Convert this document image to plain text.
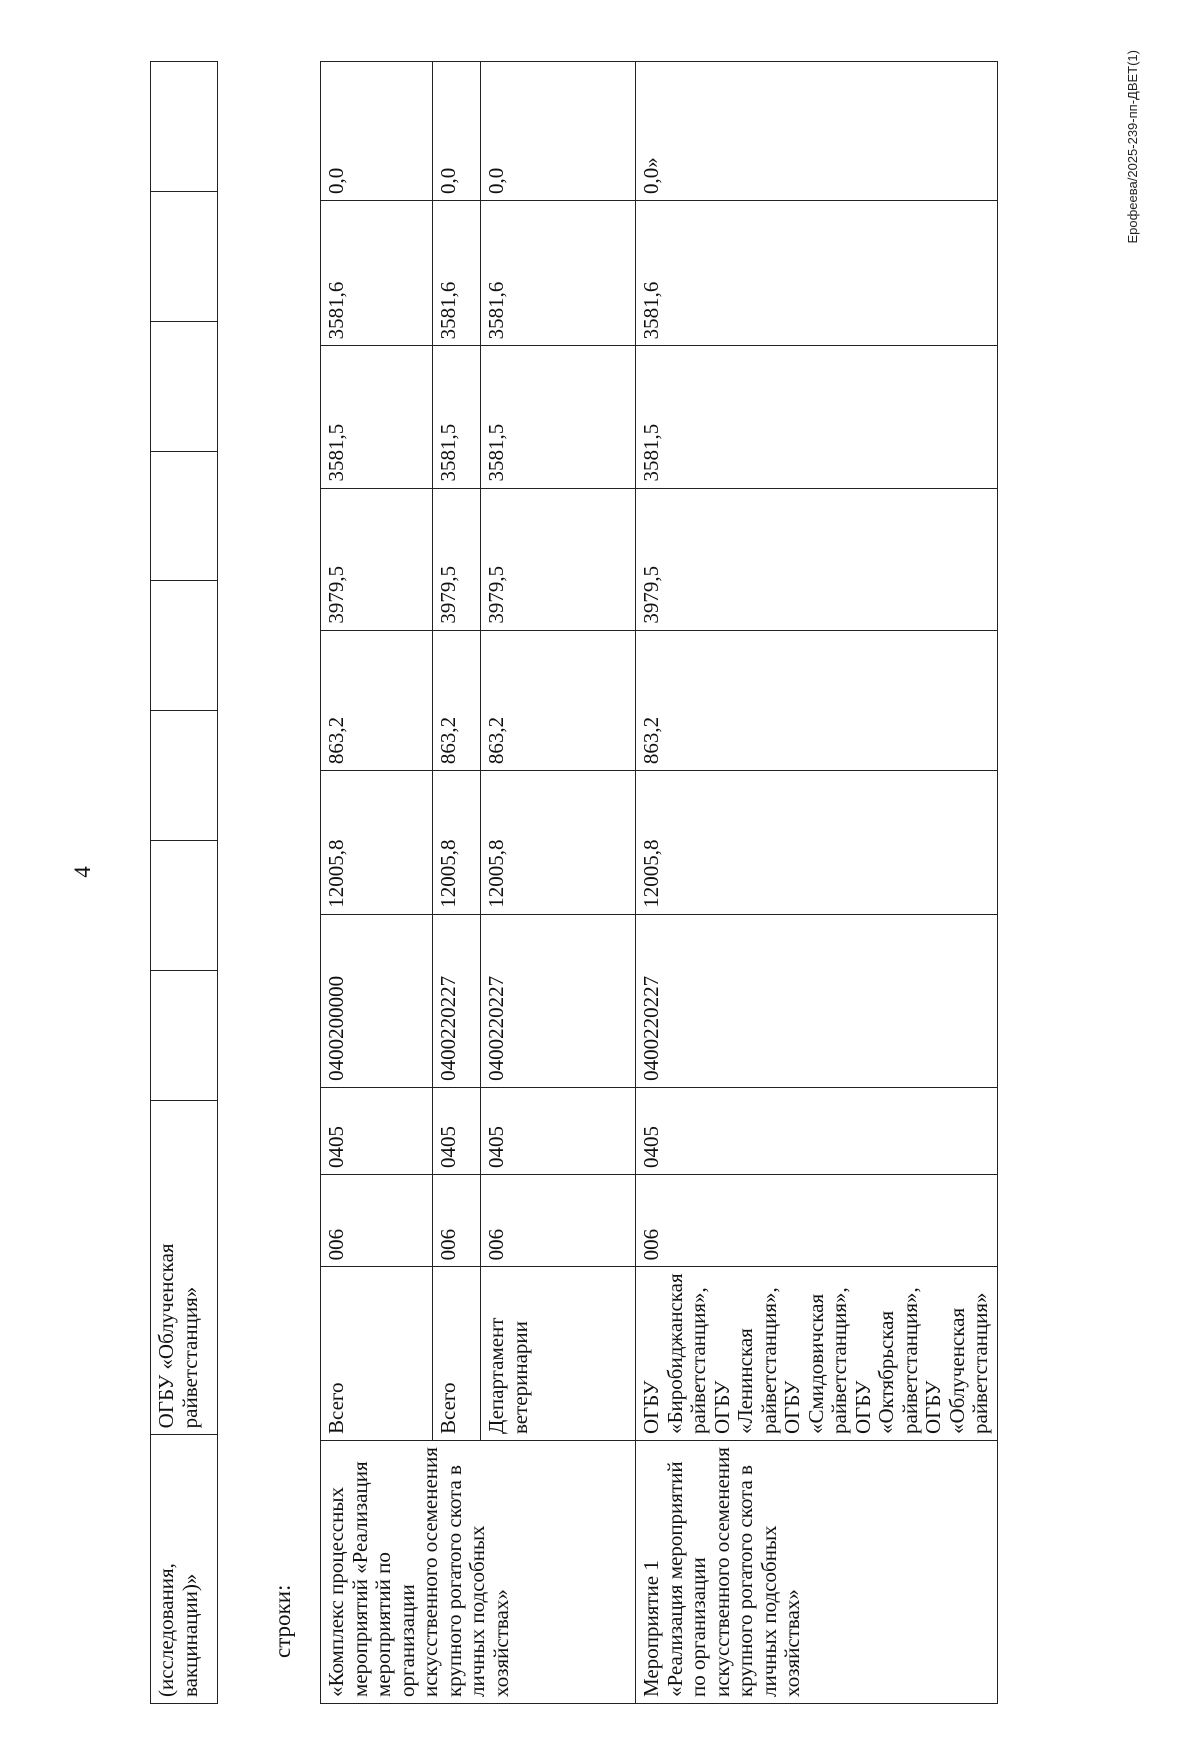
4
(исследования, вакцинации)»	ОГБУ «Облученская райветстанция»								
строки: «Комплекс процессных мероприятий «Реализация мероприятий по организации искусственного осеменения крупного рогатого скота в личных подсобных хозяйствах»	Всего	006	0405	0400200000	12005,8	863,2	3979,5	3581,5	3581,6	0,0
	Всего	006	0405	0400220227	12005,8	863,2	3979,5	3581,5	3581,6	0,0
	Департамент ветеринарии	006	0405	0400220227	12005,8	863,2	3979,5	3581,5	3581,6	0,0
Мероприятие 1 «Реализация мероприятий по организации искусственного осеменения крупного рогатого скота в личных подсобных хозяйствах»	ОГБУ «Биробиджанская райветстанция», ОГБУ «Ленинская райветстанция», ОГБУ «Смидовичская райветстанция», ОГБУ «Октябрьская райветстанция», ОГБУ «Облученская райветстанция»	006	0405	0400220227	12005,8	863,2	3979,5	3581,5	3581,6	0,0»	Ерофеева/2025-239-пп-ДВЕТ(1)
